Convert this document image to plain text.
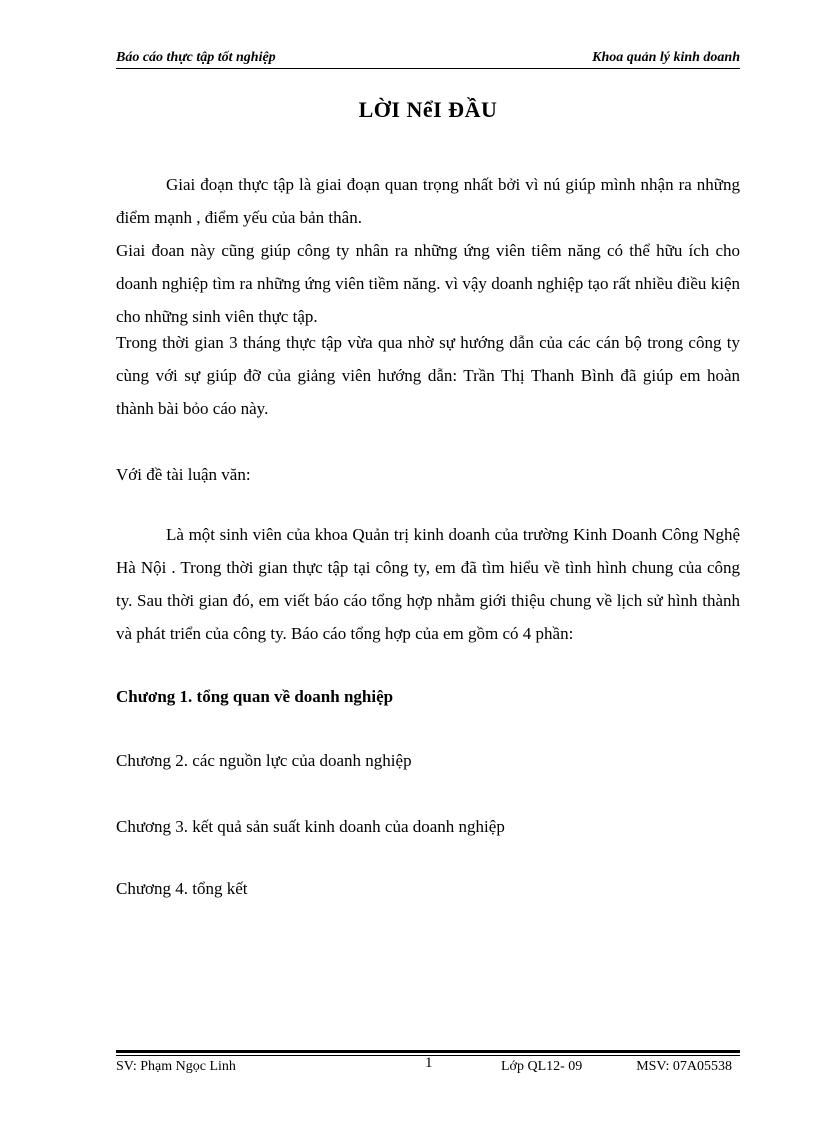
Báo cáo thực tập tốt nghiệp	Khoa quản lý kinh doanh
LỜI NểI ĐẦU

Giai đoạn thực tập là giai đoạn quan trọng nhất bởi vì nú giúp mình nhận ra những điểm mạnh , điểm yếu của bản thân.

Giai đoan này cũng giúp công ty nhân ra những ứng viên tiêm năng có thể hữu ích cho doanh nghiệp tìm ra những ứng viên tiềm năng. vì vậy doanh nghiệp tạo rất nhiều điều kiện cho những sinh viên thực tập.

Trong thời gian 3 tháng thực tập vừa qua nhờ sự hướng dẫn của các cán bộ trong công ty cùng với sự giúp đỡ của giảng viên hướng dẫn: Trần Thị Thanh Bình đã giúp em hoàn thành bài bỏo cáo này.

Với đề tài luận văn:

Là một sinh viên của khoa Quản trị kinh doanh của trường Kinh Doanh Công Nghệ Hà Nội . Trong thời gian thực tập tại công ty, em đã tìm hiểu về tình hình chung của công ty. Sau thời gian đó, em viết báo cáo tổng hợp nhằm giới thiệu chung về lịch sử hình thành và phát triển của công ty. Báo cáo tổng hợp của em gồm có 4 phần:

Chương 1. tổng quan về doanh nghiệp

Chương 2. các nguồn lực của doanh nghiệp

Chương 3. kết quả sản suất kinh doanh của doanh nghiệp

Chương 4. tổng kết

SV: Phạm Ngọc Linh	1	Lớp QL12- 09	MSV: 07A05538
